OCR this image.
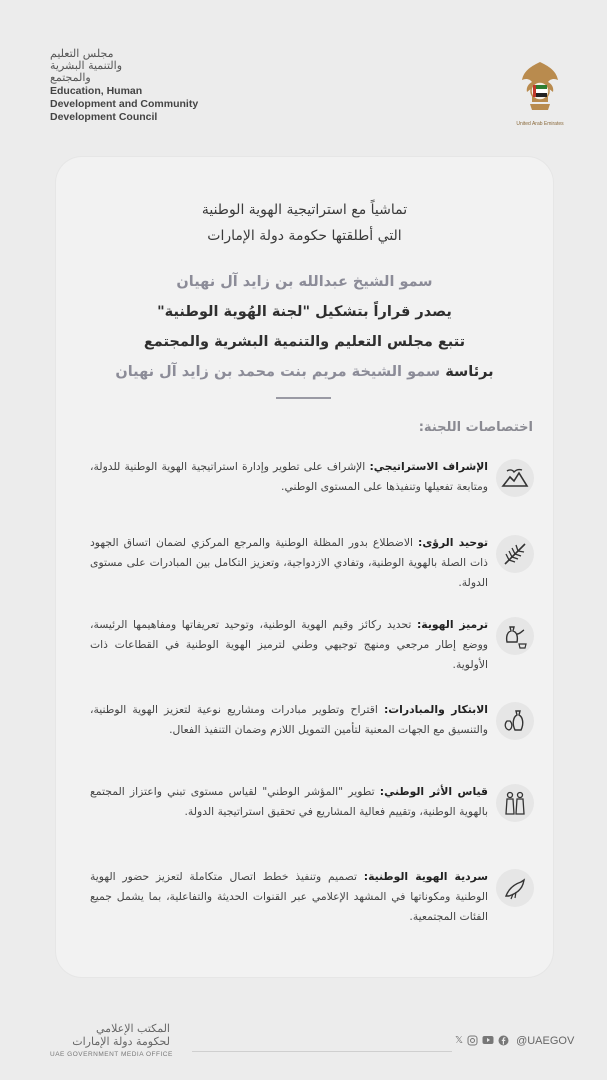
مجلس التعليم
والتنمية البشرية
والمجتمع
Education, Human Development and Community Development Council
United Arab Emirates
تماشياً مع استراتيجية الهوية الوطنية
التي أطلقتها حكومة دولة الإمارات
سمو الشيخ عبدالله بن زايد آل نهيان
يصدر قراراً بتشكيل "لجنة الهُوية الوطنية"
تتبع مجلس التعليم والتنمية البشرية والمجتمع
برئاسة سمو الشيخة مريم بنت محمد بن زايد آل نهيان
اختصاصات اللجنة:
الإشراف الاستراتيجي: الإشراف على تطوير وإدارة استراتيجية الهوية الوطنية للدولة، ومتابعة تفعيلها وتنفيذها على المستوى الوطني.
توحيد الرؤى: الاضطلاع بدور المظلة الوطنية والمرجع المركزي لضمان اتساق الجهود ذات الصلة بالهوية الوطنية، وتفادي الازدواجية، وتعزيز التكامل بين المبادرات على مستوى الدولة.
ترميز الهوية: تحديد ركائز وقيم الهوية الوطنية، وتوحيد تعريفاتها ومفاهيمها الرئيسة، ووضع إطار مرجعي ومنهج توجيهي وطني لترميز الهوية الوطنية في القطاعات ذات الأولوية.
الابتكار والمبادرات: اقتراح وتطوير مبادرات ومشاريع نوعية لتعزيز الهوية الوطنية، والتنسيق مع الجهات المعنية لتأمين التمويل اللازم وضمان التنفيذ الفعال.
قياس الأثر الوطني: تطوير "المؤشر الوطني" لقياس مستوى تبني واعتزاز المجتمع بالهوية الوطنية، وتقييم فعالية المشاريع في تحقيق استراتيجية الدولة.
سردية الهوية الوطنية: تصميم وتنفيذ خطط اتصال متكاملة لتعزيز حضور الهوية الوطنية ومكوناتها في المشهد الإعلامي عبر القنوات الحديثة والتفاعلية، بما يشمل جميع الفئات المجتمعية.
المكتب الإعلامي
لحكومة دولة الإمارات
UAE GOVERNMENT MEDIA OFFICE
𝕏	@UAEGOV
